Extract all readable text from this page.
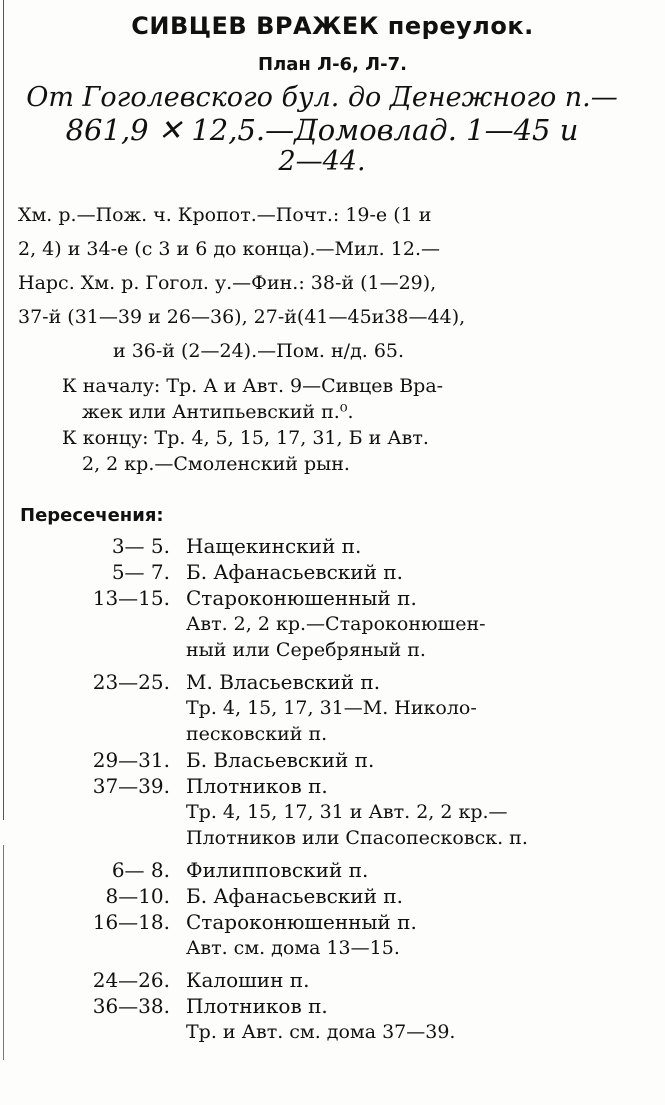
СИВЦЕВ ВРАЖЕК переулок.
План Л-6, Л-7.
От Гоголевского бул. до Денежного п.—
861,9 ✕ 12,5.—Домовлад. 1—45 и
2—44.
Хм. р.—Пож. ч. Кропот.—Почт.: 19-е (1 и
2, 4) и 34-е (с 3 и 6 до конца).—Мил. 12.—
Нарс. Хм. р. Гогол. у.—Фин.: 38-й (1—29),
37-й (31—39 и 26—36), 27-й(41—45и38—44),
и 36-й (2—24).—Пом. н/д. 65.
К началу: Тр. А и Авт. 9—Сивцев Вра-
жек или Антипьевский п.⁰.
К концу: Тр. 4, 5, 15, 17, 31, Б и Авт.
2, 2 кр.—Смоленский рын.
Пересечения:
3— 5. Нащекинский п.
5— 7. Б. Афанасьевский п.
13—15. Староконюшенный п.
Авт. 2, 2 кр.—Староконюшен-
ный или Серебряный п.
23—25. М. Власьевский п.
Тр. 4, 15, 17, 31—М. Николо-
песковский п.
29—31. Б. Власьевский п.
37—39. Плотников п.
Тр. 4, 15, 17, 31 и Авт. 2, 2 кр.—
Плотников или Спасопесковск. п.
6— 8. Филипповский п.
8—10. Б. Афанасьевский п.
16—18. Староконюшенный п.
Авт. см. дома 13—15.
24—26. Калошин п.
36—38. Плотников п.
Тр. и Авт. см. дома 37—39.
